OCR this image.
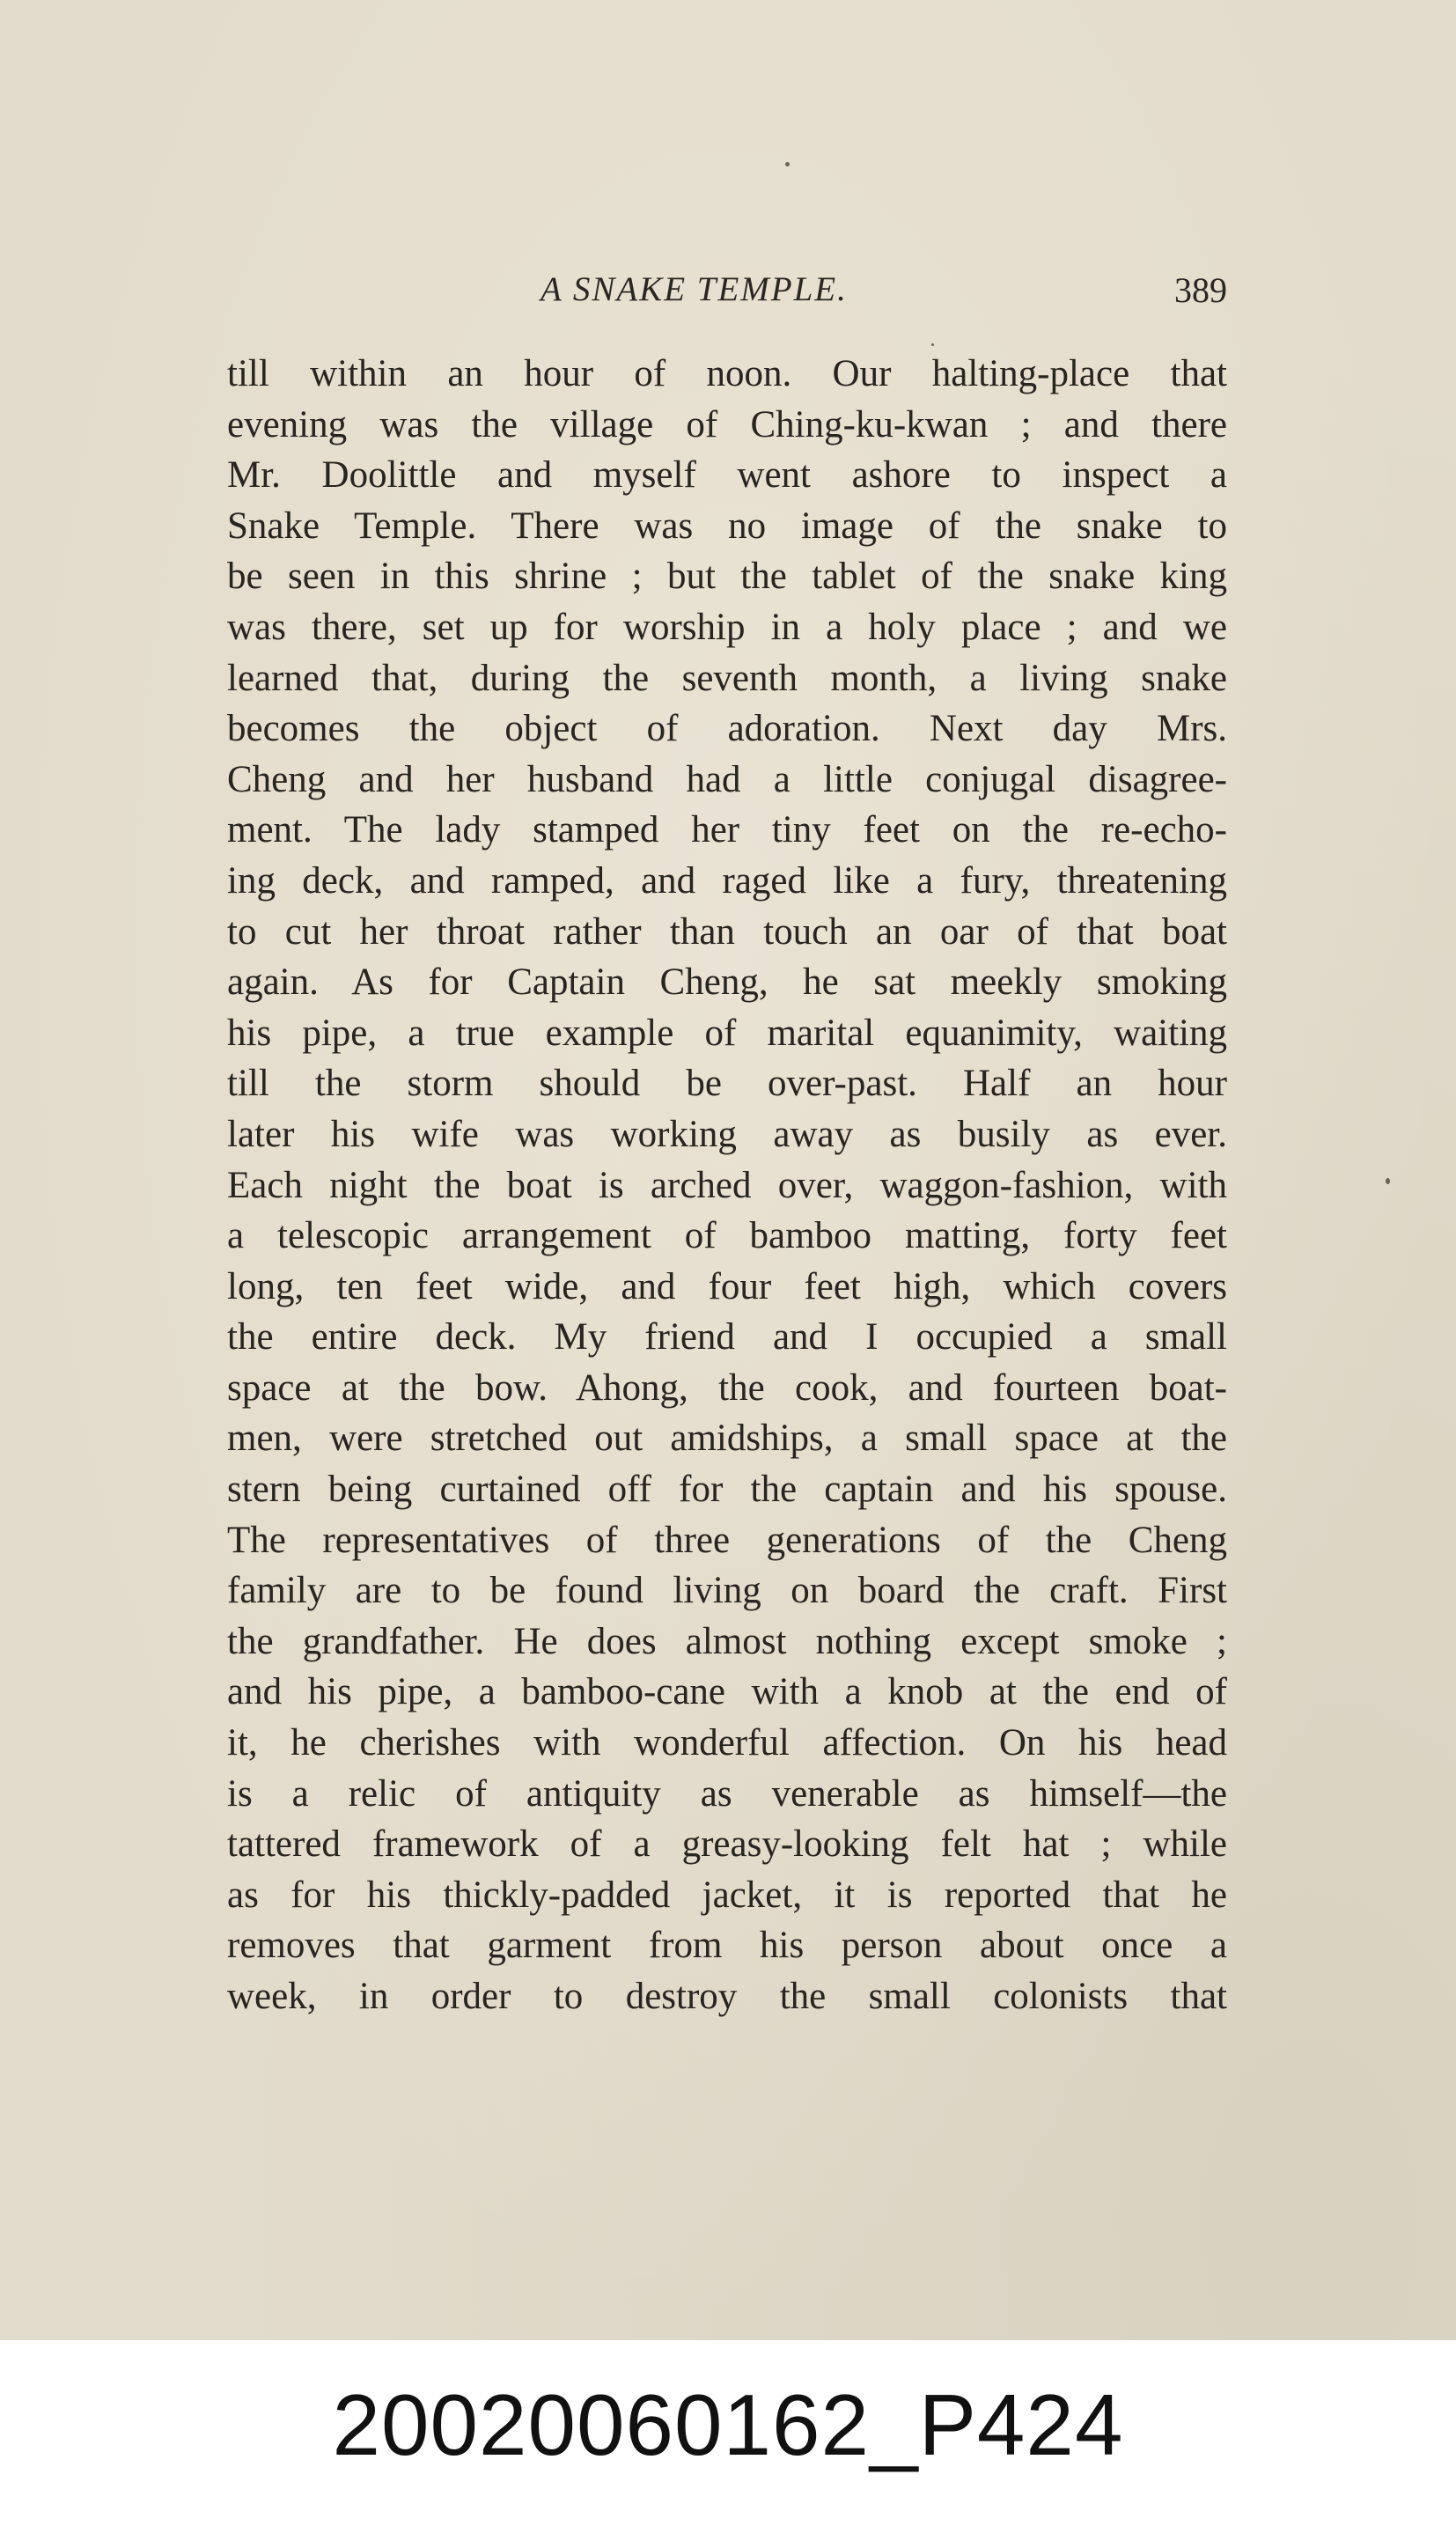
A SNAKE TEMPLE.	389
till within an hour of noon. Our halting-place that
evening was the village of Ching-ku-kwan ; and there
Mr. Doolittle and myself went ashore to inspect a
Snake Temple. There was no image of the snake to
be seen in this shrine ; but the tablet of the snake king
was there, set up for worship in a holy place ; and we
learned that, during the seventh month, a living snake
becomes the object of adoration. Next day Mrs.
Cheng and her husband had a little conjugal disagree-
ment. The lady stamped her tiny feet on the re-echo-
ing deck, and ramped, and raged like a fury, threatening
to cut her throat rather than touch an oar of that boat
again. As for Captain Cheng, he sat meekly smoking
his pipe, a true example of marital equanimity, waiting
till the storm should be over-past. Half an hour
later his wife was working away as busily as ever.
Each night the boat is arched over, waggon-fashion, with
a telescopic arrangement of bamboo matting, forty feet
long, ten feet wide, and four feet high, which covers
the entire deck. My friend and I occupied a small
space at the bow. Ahong, the cook, and fourteen boat-
men, were stretched out amidships, a small space at the
stern being curtained off for the captain and his spouse.
The representatives of three generations of the Cheng
family are to be found living on board the craft. First
the grandfather. He does almost nothing except smoke ;
and his pipe, a bamboo-cane with a knob at the end of
it, he cherishes with wonderful affection. On his head
is a relic of antiquity as venerable as himself—the
tattered framework of a greasy-looking felt hat ; while
as for his thickly-padded jacket, it is reported that he
removes that garment from his person about once a
week, in order to destroy the small colonists that
20020060162_P424
